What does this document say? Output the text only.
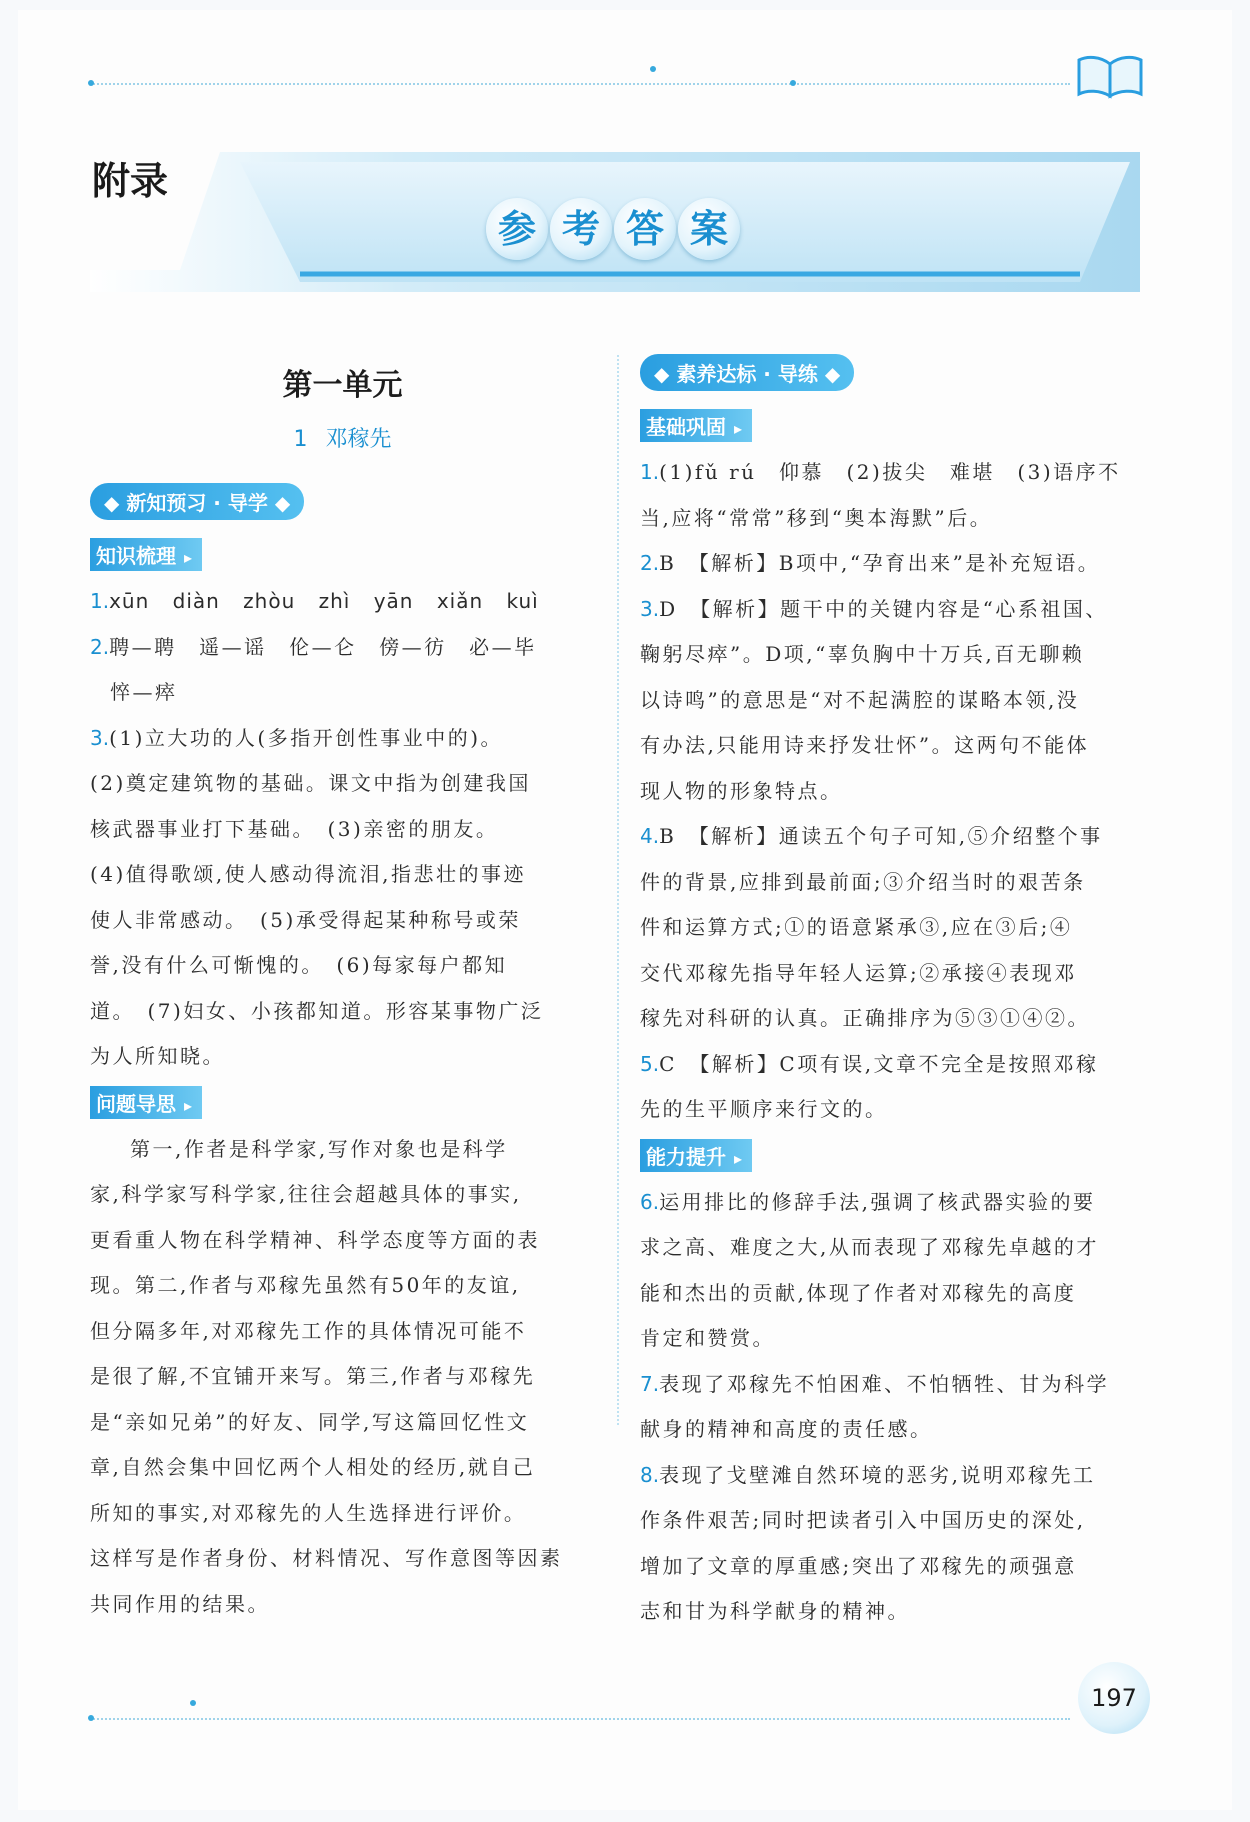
附录
参 考 答 案
第一单元
1 邓稼先
◆ 新知预习 · 导学 ◆
知识梳理 ▸

1.xūn diàn zhòu zhì yān xiǎn kuì

2.聘—聘　遥—谣　伦—仑　傍—彷　必—毕

悴—瘁

3.(1)立大功的人(多指开创性事业中的)。

(2)奠定建筑物的基础。课文中指为创建我国

核武器事业打下基础。　(3)亲密的朋友。

(4)值得歌颂,使人感动得流泪,指悲壮的事迹

使人非常感动。　(5)承受得起某种称号或荣

誉,没有什么可惭愧的。　(6)每家每户都知

道。　(7)妇女、小孩都知道。形容某事物广泛

为人所知晓。

问题导思 ▸

第一,作者是科学家,写作对象也是科学

家,科学家写科学家,往往会超越具体的事实,

更看重人物在科学精神、科学态度等方面的表

现。第二,作者与邓稼先虽然有50年的友谊,

但分隔多年,对邓稼先工作的具体情况可能不

是很了解,不宜铺开来写。第三,作者与邓稼先

是“亲如兄弟”的好友、同学,写这篇回忆性文

章,自然会集中回忆两个人相处的经历,就自己

所知的事实,对邓稼先的人生选择进行评价。

这样写是作者身份、材料情况、写作意图等因素

共同作用的结果。

◆ 素养达标 · 导练 ◆
基础巩固 ▸

1.(1)fǔ rú　仰慕　(2)拔尖　难堪　(3)语序不

当,应将“常常”移到“奥本海默”后。

2.B　【解析】B项中,“孕育出来”是补充短语。

3.D　【解析】题干中的关键内容是“心系祖国、

鞠躬尽瘁”。D项,“辜负胸中十万兵,百无聊赖

以诗鸣”的意思是“对不起满腔的谋略本领,没

有办法,只能用诗来抒发壮怀”。这两句不能体

现人物的形象特点。

4.B　【解析】通读五个句子可知,⑤介绍整个事

件的背景,应排到最前面;③介绍当时的艰苦条

件和运算方式;①的语意紧承③,应在③后;④

交代邓稼先指导年轻人运算;②承接④表现邓

稼先对科研的认真。正确排序为⑤③①④②。

5.C　【解析】C项有误,文章不完全是按照邓稼

先的生平顺序来行文的。

能力提升 ▸

6.运用排比的修辞手法,强调了核武器实验的要

求之高、难度之大,从而表现了邓稼先卓越的才

能和杰出的贡献,体现了作者对邓稼先的高度

肯定和赞赏。

7.表现了邓稼先不怕困难、不怕牺牲、甘为科学

献身的精神和高度的责任感。

8.表现了戈壁滩自然环境的恶劣,说明邓稼先工

作条件艰苦;同时把读者引入中国历史的深处,

增加了文章的厚重感;突出了邓稼先的顽强意

志和甘为科学献身的精神。

197
